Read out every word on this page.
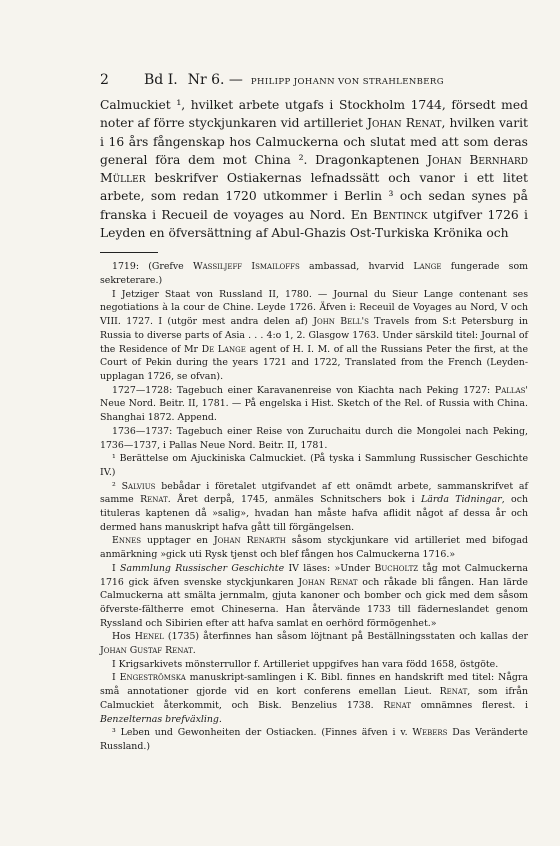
2	Bd I. Nr 6. — PHILIPP JOHANN VON STRAHLENBERG

Calmuckiet ¹, hvilket arbete utgafs i Stockholm 1744, försedt med noter af förre styckjunkaren vid artilleriet Johan Renat, hvilken varit i 16 års fångenskap hos Calmuckerna och slutat med att som deras general föra dem mot China ². Dragonkaptenen Johan Bernhard Müller beskrifver Ostiakernas lefnadssätt och vanor i ett litet arbete, som redan 1720 utkommer i Berlin ³ och sedan synes på franska i Recueil de voyages au Nord. En Bentinck utgifver 1726 i Leyden en öfversättning af Abul-Ghazis Ost-Turkiska Krönika och

1719: (Grefve Wassiljeff Ismailoffs ambassad, hvarvid Lange fungerade som sekreterare.)

I Jetziger Staat von Russland II, 1780. — Journal du Sieur Lange contenant ses negotiations à la cour de Chine. Leyde 1726. Äfven i: Receuil de Voyages au Nord, V och VIII. 1727. I (utgör mest andra delen af) John Bell's Travels from S:t Petersburg in Russia to diverse parts of Asia . . . 4:o 1, 2. Glasgow 1763. Under särskild titel: Journal of the Residence of Mr De Lange agent of H. I. M. of all the Russians Peter the first, at the Court of Pekin during the years 1721 and 1722, Translated from the French (Leyden-upplagan 1726, se ofvan).

1727—1728: Tagebuch einer Karavanenreise von Kiachta nach Peking 1727: Pallas' Neue Nord. Beitr. II, 1781. — På engelska i Hist. Sketch of the Rel. of Russia with China. Shanghai 1872. Append.

1736—1737: Tagebuch einer Reise von Zuruchaitu durch die Mongolei nach Peking, 1736—1737, i Pallas Neue Nord. Beitr. II, 1781.

¹ Berättelse om Ajuckiniska Calmuckiet. (På tyska i Sammlung Russischer Geschichte IV.)

² Salvius bebådar i företalet utgifvandet af ett onämdt arbete, sammanskrifvet af samme Renat. Året derpå, 1745, anmäles Schnitschers bok i Lärda Tidningar, och tituleras kaptenen då »salig», hvadan han måste hafva aflidit något af dessa år och dermed hans manuskript hafva gått till förgängelsen.

Ennes upptager en Johan Renarth såsom styckjunkare vid artilleriet med bifogad anmärkning »gick uti Rysk tjenst och blef fången hos Calmuckerna 1716.»

I Sammlung Russischer Geschichte IV läses: »Under Bucholtz tåg mot Calmuckerna 1716 gick äfven svenske styckjunkaren Johan Renat och råkade bli fången. Han lärde Calmuckerna att smälta jernmalm, gjuta kanoner och bomber och gick med dem såsom öfverste-fältherre emot Chineserna. Han återvände 1733 till fäderneslandet genom Ryssland och Sibirien efter att hafva samlat en oerhörd förmögenhet.»

Hos Henel (1735) återfinnes han såsom löjtnant på Beställningsstaten och kallas der Johan Gustaf Renat.

I Krigsarkivets mönsterrullor f. Artilleriet uppgifves han vara född 1658, östgöte.

I Engeströmska manuskript-samlingen i K. Bibl. finnes en handskrift med titel: Några små annotationer gjorde vid en kort conferens emellan Lieut. Renat, som ifrån Calmuckiet återkommit, och Bisk. Benzelius 1738. Renat omnämnes flerest. i Benzelternas brefväxling.

³ Leben und Gewonheiten der Ostiacken. (Finnes äfven i v. Webers Das Veränderte Russland.)
